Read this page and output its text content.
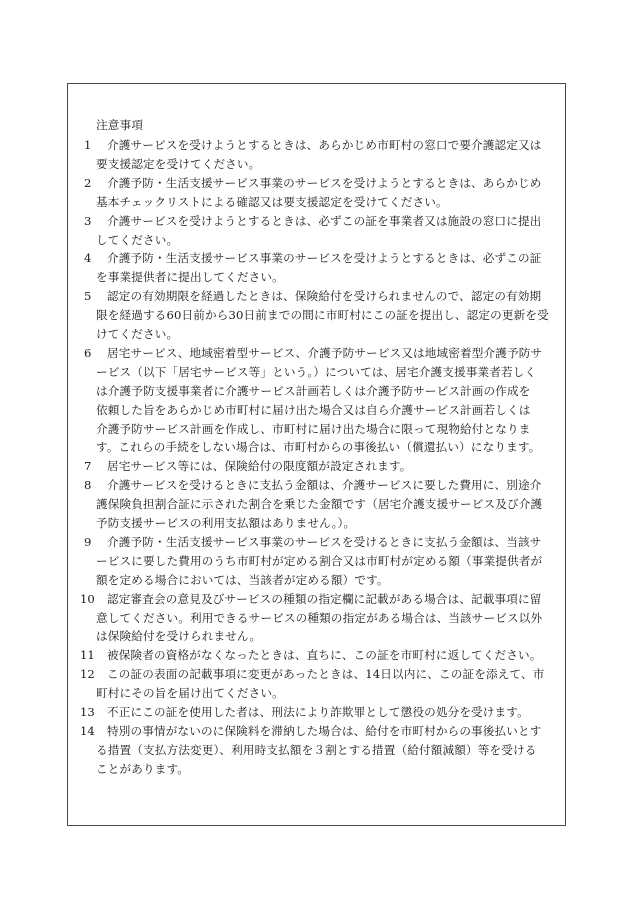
注意事項
1 介護サービスを受けようとするときは、あらかじめ市町村の窓口で要介護認定又は
要支援認定を受けてください。
2 介護予防・生活支援サービス事業のサービスを受けようとするときは、あらかじめ
基本チェックリストによる確認又は要支援認定を受けてください。
3 介護サービスを受けようとするときは、必ずこの証を事業者又は施設の窓口に提出
してください。
4 介護予防・生活支援サービス事業のサービスを受けようとするときは、必ずこの証
を事業提供者に提出してください。
5 認定の有効期限を経過したときは、保険給付を受けられませんので、認定の有効期
限を経過する60日前から30日前までの間に市町村にこの証を提出し、認定の更新を受
けてください。
6 居宅サービス、地域密着型サービス、介護予防サービス又は地域密着型介護予防サ
ービス（以下「居宅サービス等」という。）については、居宅介護支援事業者若しく
は介護予防支援事業者に介護サービス計画若しくは介護予防サービス計画の作成を
依頼した旨をあらかじめ市町村に届け出た場合又は自ら介護サービス計画若しくは
介護予防サービス計画を作成し、市町村に届け出た場合に限って現物給付となりま
す。これらの手続をしない場合は、市町村からの事後払い（償還払い）になります。
7 居宅サービス等には、保険給付の限度額が設定されます。
8 介護サービスを受けるときに支払う金額は、介護サービスに要した費用に、別途介
護保険負担割合証に示された割合を乗じた金額です（居宅介護支援サービス及び介護
予防支援サービスの利用支払額はありません。）。
9 介護予防・生活支援サービス事業のサービスを受けるときに支払う金額は、当該サ
ービスに要した費用のうち市町村が定める割合又は市町村が定める額（事業提供者が
額を定める場合においては、当該者が定める額）です。
10 認定審査会の意見及びサービスの種類の指定欄に記載がある場合は、記載事項に留
意してください。利用できるサービスの種類の指定がある場合は、当該サービス以外
は保険給付を受けられません。
11 被保険者の資格がなくなったときは、直ちに、この証を市町村に返してください。
12 この証の表面の記載事項に変更があったときは、14日以内に、この証を添えて、市
町村にその旨を届け出てください。
13 不正にこの証を使用した者は、刑法により詐欺罪として懲役の処分を受けます。
14 特別の事情がないのに保険料を滞納した場合は、給付を市町村からの事後払いとす
る措置（支払方法変更）、利用時支払額を３割とする措置（給付額減額）等を受ける
ことがあります。
